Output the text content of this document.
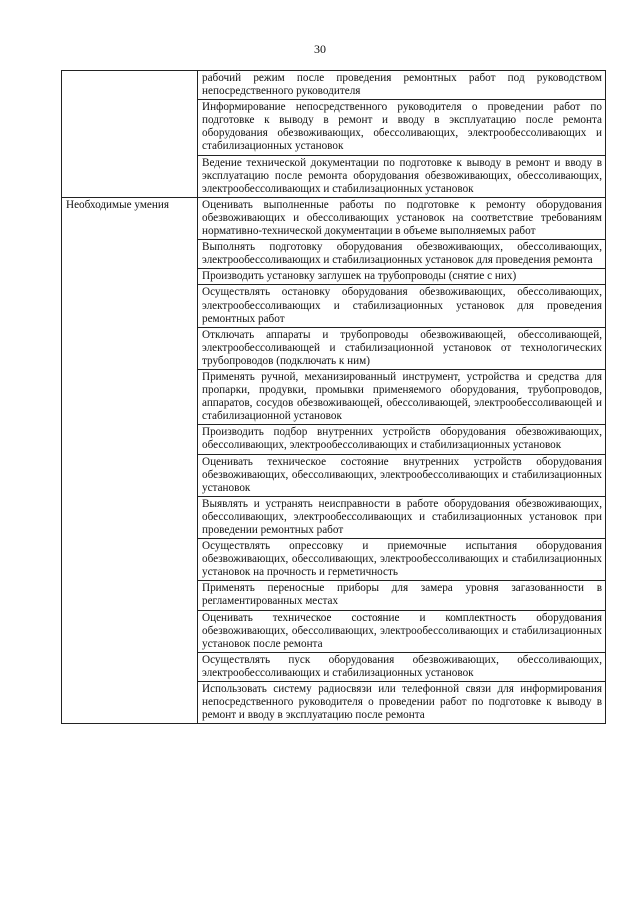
30
	рабочий режим после проведения ремонтных работ под руководством непосредственного руководителя
	Информирование непосредственного руководителя о проведении работ по подготовке к выводу в ремонт и вводу в эксплуатацию после ремонта оборудования обезвоживающих, обессоливающих, электрообессоливающих и стабилизационных установок
	Ведение технической документации по подготовке к выводу в ремонт и вводу в эксплуатацию после ремонта оборудования обезвоживающих, обессоливающих, электрообессоливающих и стабилизационных установок
Необходимые умения	Оценивать выполненные работы по подготовке к ремонту оборудования обезвоживающих и обессоливающих установок на соответствие требованиям нормативно-технической документации в объеме выполняемых работ
	Выполнять подготовку оборудования обезвоживающих, обессоливающих, электрообессоливающих и стабилизационных установок для проведения ремонта
	Производить установку заглушек на трубопроводы (снятие с них)
	Осуществлять остановку оборудования обезвоживающих, обессоливающих, электрообессоливающих и стабилизационных установок для проведения ремонтных работ
	Отключать аппараты и трубопроводы обезвоживающей, обессоливающей, электрообессоливающей и стабилизационной установок от технологических трубопроводов (подключать к ним)
	Применять ручной, механизированный инструмент, устройства и средства для пропарки, продувки, промывки применяемого оборудования, трубопроводов, аппаратов, сосудов обезвоживающей, обессоливающей, электрообессоливающей и стабилизационной установок
	Производить подбор внутренних устройств оборудования обезвоживающих, обессоливающих, электрообессоливающих и стабилизационных установок
	Оценивать техническое состояние внутренних устройств оборудования обезвоживающих, обессоливающих, электрообессоливающих и стабилизационных установок
	Выявлять и устранять неисправности в работе оборудования обезвоживающих, обессоливающих, электрообессоливающих и стабилизационных установок при проведении ремонтных работ
	Осуществлять опрессовку и приемочные испытания оборудования обезвоживающих, обессоливающих, электрообессоливающих и стабилизационных установок на прочность и герметичность
	Применять переносные приборы для замера уровня загазованности в регламентированных местах
	Оценивать техническое состояние и комплектность оборудования обезвоживающих, обессоливающих, электрообессоливающих и стабилизационных установок после ремонта
	Осуществлять пуск оборудования обезвоживающих, обессоливающих, электрообессоливающих и стабилизационных установок
	Использовать систему радиосвязи или телефонной связи для информирования непосредственного руководителя о проведении работ по подготовке к выводу в ремонт и вводу в эксплуатацию после ремонта
